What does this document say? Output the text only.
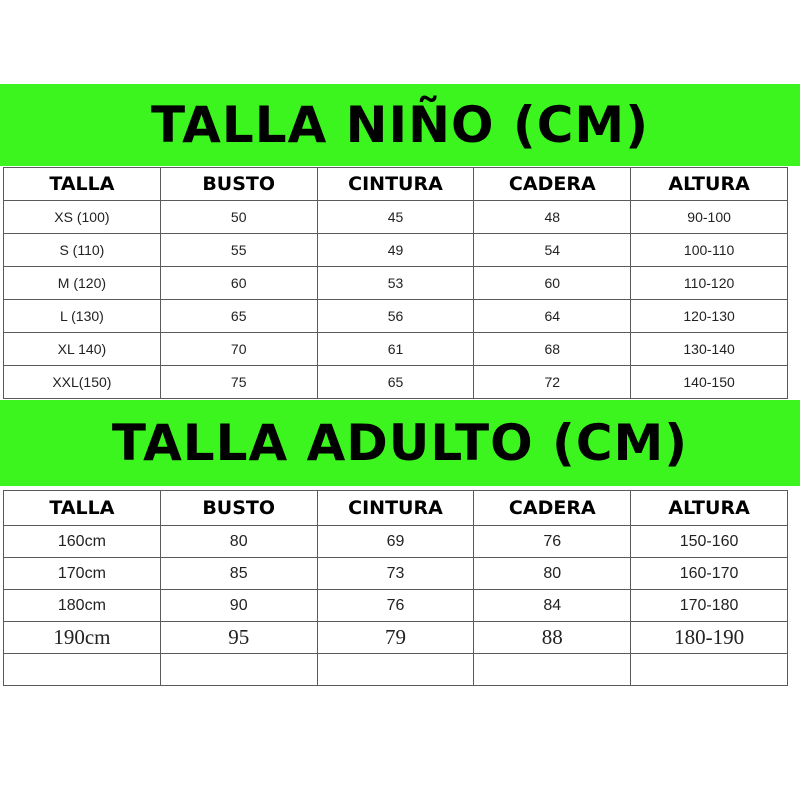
TALLA NIÑO (CM)
TALLA	BUSTO	CINTURA	CADERA	ALTURA
XS (100)	50	45	48	90-100
S (110)	55	49	54	100-110
M (120)	60	53	60	110-120
L (130)	65	56	64	120-130
XL 140)	70	61	68	130-140
XXL(150)	75	65	72	140-150
TALLA ADULTO (CM)
TALLA	BUSTO	CINTURA	CADERA	ALTURA
160cm	80	69	76	150-160
170cm	85	73	80	160-170
180cm	90	76	84	170-180
190cm	95	79	88	180-190
